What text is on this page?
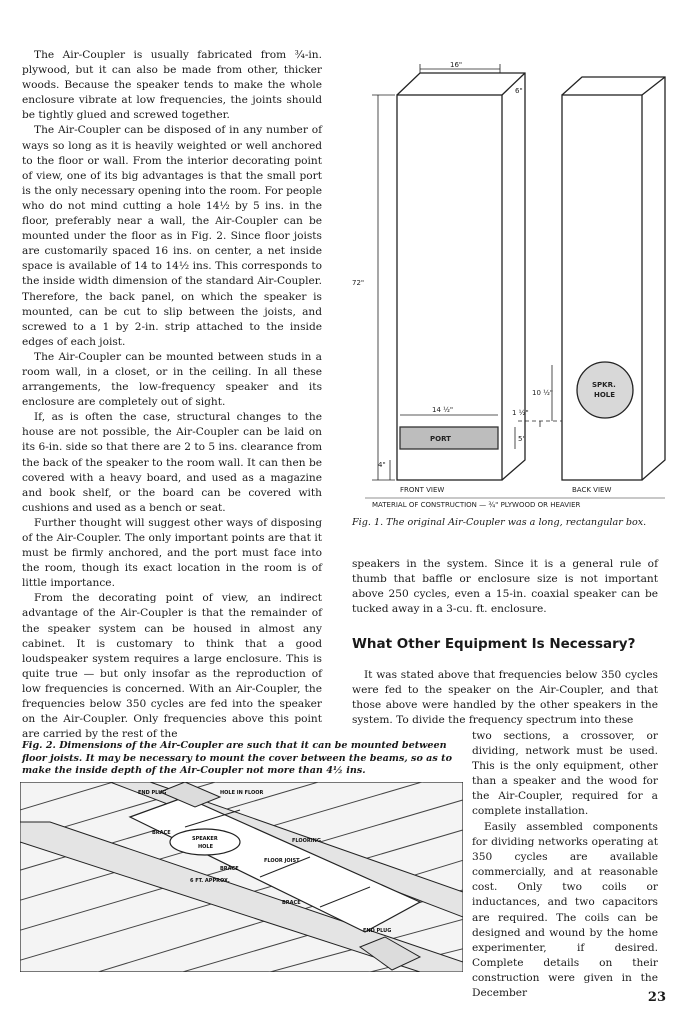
The Air-Coupler is usually fabricated from ¾-in. plywood, but it can also be made from other, thicker woods. Because the speaker tends to make the whole enclosure vibrate at low frequencies, the joints should be tightly glued and screwed together.

The Air-Coupler can be disposed of in any number of ways so long as it is heavily weighted or well anchored to the floor or wall. From the interior decorating point of view, one of its big advantages is that the small port is the only necessary opening into the room. For people who do not mind cutting a hole 14½ by 5 ins. in the floor, preferably near a wall, the Air-Coupler can be mounted under the floor as in Fig. 2. Since floor joists are customarily spaced 16 ins. on center, a net inside space is available of 14 to 14½ ins. This corresponds to the inside width dimension of the standard Air-Coupler. Therefore, the back panel, on which the speaker is mounted, can be cut to slip between the joists, and screwed to a 1 by 2-in. strip attached to the inside edges of each joist.

The Air-Coupler can be mounted between studs in a room wall, in a closet, or in the ceiling. In all these arrangements, the low-frequency speaker and its enclosure are completely out of sight.

If, as is often the case, structural changes to the house are not possible, the Air-Coupler can be laid on its 6-in. side so that there are 2 to 5 ins. clearance from the back of the speaker to the room wall. It can then be covered with a heavy board, and used as a magazine and book shelf, or the board can be covered with cushions and used as a bench or seat.

Further thought will suggest other ways of disposing of the Air-Coupler. The only important points are that it must be firmly anchored, and the port must face into the room, though its exact location in the room is of little importance.

From the decorating point of view, an indirect advantage of the Air-Coupler is that the remainder of the speaker system can be housed in almost any cabinet. It is customary to think that a good loudspeaker system requires a large enclosure. This is quite true — but only insofar as the reproduction of low frequencies is concerned. With an Air-Coupler, the frequencies below 350 cycles are fed into the speaker on the Air-Coupler. Only frequencies above this point are carried by the rest of the

16"
6"
72"
14 ½"
5"
4"
10 ½"
1 ½"
PORT
SPKR.
HOLE
FRONT VIEW	BACK VIEW
MATERIAL OF CONSTRUCTION — ¾" PLYWOOD OR HEAVIER

Fig. 1. The original Air-Coupler was a long, rectangular box.

speakers in the system. Since it is a general rule of thumb that baffle or enclosure size is not important above 250 cycles, even a 15-in. coaxial speaker can be tucked away in a 3-cu. ft. enclosure.

What Other Equipment Is Necessary?

It was stated above that frequencies below 350 cycles were fed to the speaker on the Air-Coupler, and that those above were handled by the other speakers in the system. To divide the frequency spectrum into these

two sections, a crossover, or dividing, network must be used. This is the only equipment, other than a speaker and the wood for the Air-Coupler, required for a complete installation.

Easily assembled components for dividing networks operating at 350 cycles are available commercially, and at reasonable cost. Only two coils or inductances, and two capacitors are required. The coils can be designed and wound by the home experimenter, if desired. Complete details on their construction were given in the December

Fig. 2. Dimensions of the Air-Coupler are such that it can be mounted between floor joists. It may be necessary to mount the cover between the beams, so as to make the inside depth of the Air-Coupler not more than 4½ ins.

END PLUG	HOLE IN FLOOR
BRACE
SPEAKER
HOLE
FLOORING
FLOOR JOIST
BRACE
6 FT. APPROX.
BRACE
END PLUG
23
